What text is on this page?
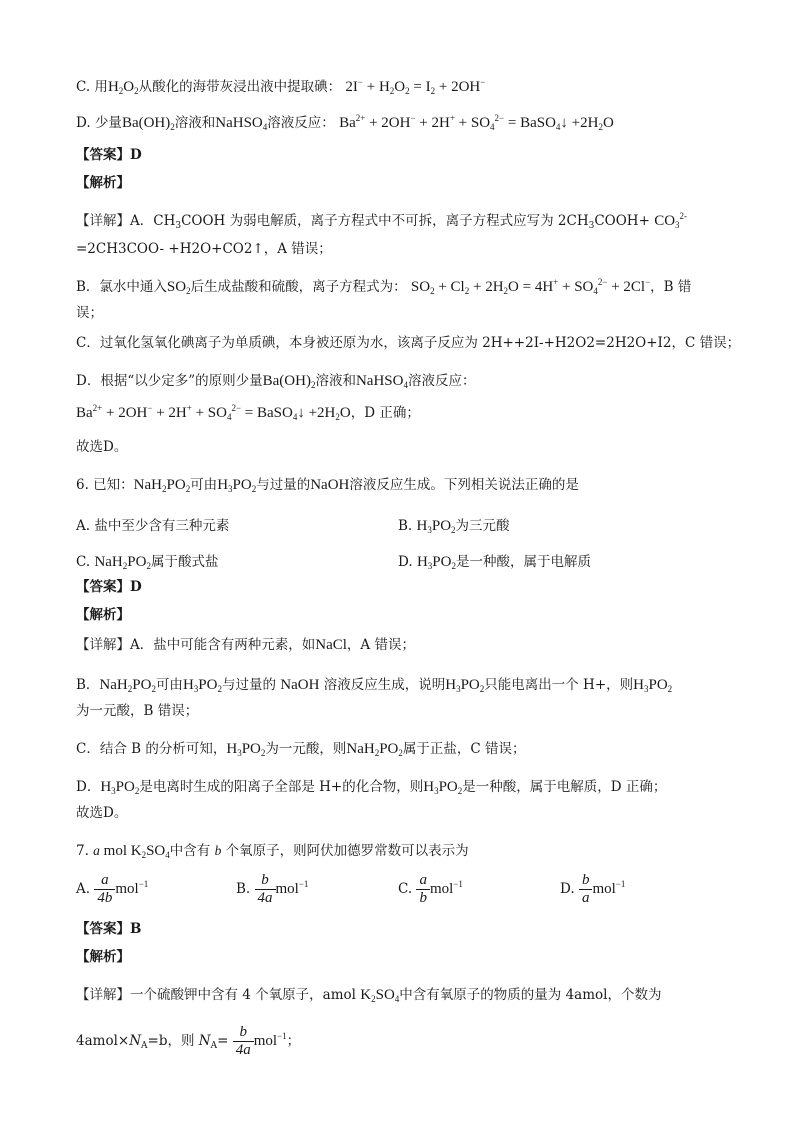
C. 用$H_2O_2$从酸化的海带灰浸出液中提取碘： $2I^- + H_2O_2 = I_2 + 2OH^-$
D. 少量$Ba(OH)_2$溶液和NaHSO$_4$溶液反应： $Ba^{2+} + 2OH^- + 2H^+ + SO_4^{2-}$ = BaSO$_4$↓ $+2H_2O$
【答案】D
【解析】
【详解】A．$CH_3COOH$ 为弱电解质，离子方程式中不可拆，离子方程式应写为 $2CH_3COOH+ CO_3^{2-}$
=2CH3COO- +H2O+CO2↑，A 错误；
B．氯水中通入$SO_2$后生成盐酸和硫酸，离子方程式为： $SO_2 + Cl_2 + 2H_2O = 4H^+ + SO_4^{2-} + 2Cl^-$，B 错
误；
C．过氧化氢氧化碘离子为单质碘，本身被还原为水，该离子反应为 2H++2I-+H2O2=2H2O+I2，C 错误；
D．根据“以少定多”的原则少量$Ba(OH)_2$溶液和NaHSO$_4$溶液反应：
$Ba^{2+} + 2OH^- + 2H^+ + SO_4^{2-}$ = BaSO$_4$↓ $+2H_2O$，D 正确；
故选D。
6. 已知：$NaH_2PO_2$可由$H_3PO_2$与过量的NaOH溶液反应生成。下列相关说法正确的是
A. 盐中至少含有三种元素	B. $H_3PO_2$为三元酸
C. $NaH_2PO_2$属于酸式盐	D. $H_3PO_2$是一种酸，属于电解质
【答案】D
【解析】
【详解】A．盐中可能含有两种元素，如NaCl，A 错误；
B．$NaH_2PO_2$可由$H_3PO_2$与过量的 NaOH 溶液反应生成，说明$H_3PO_2$只能电离出一个 H+，则$H_3PO_2$
为一元酸，B 错误；
C．结合 B 的分析可知，$H_3PO_2$为一元酸，则$NaH_2PO_2$属于正盐，C 错误；
D．$H_3PO_2$是电离时生成的阳离子全部是 H+的化合物，则$H_3PO_2$是一种酸，属于电解质，D 正确；
故选D。
7. a mol $K_2SO_4$中含有 b 个氧原子，则阿伏加德罗常数可以表示为
A. $\frac{a}{4b} mol^{-1}$	B. $\frac{b}{4a} mol^{-1}$	C. $\frac{a}{b} mol^{-1}$	D. $\frac{b}{a} mol^{-1}$
【答案】B
【解析】
【详解】一个硫酸钾中含有 4 个氧原子，amol $K_2SO_4$中含有氧原子的物质的量为 4amol，个数为
$4amol\times N_A=b$，则 $N_A= \frac{b}{4a} mol^{-1}$；
